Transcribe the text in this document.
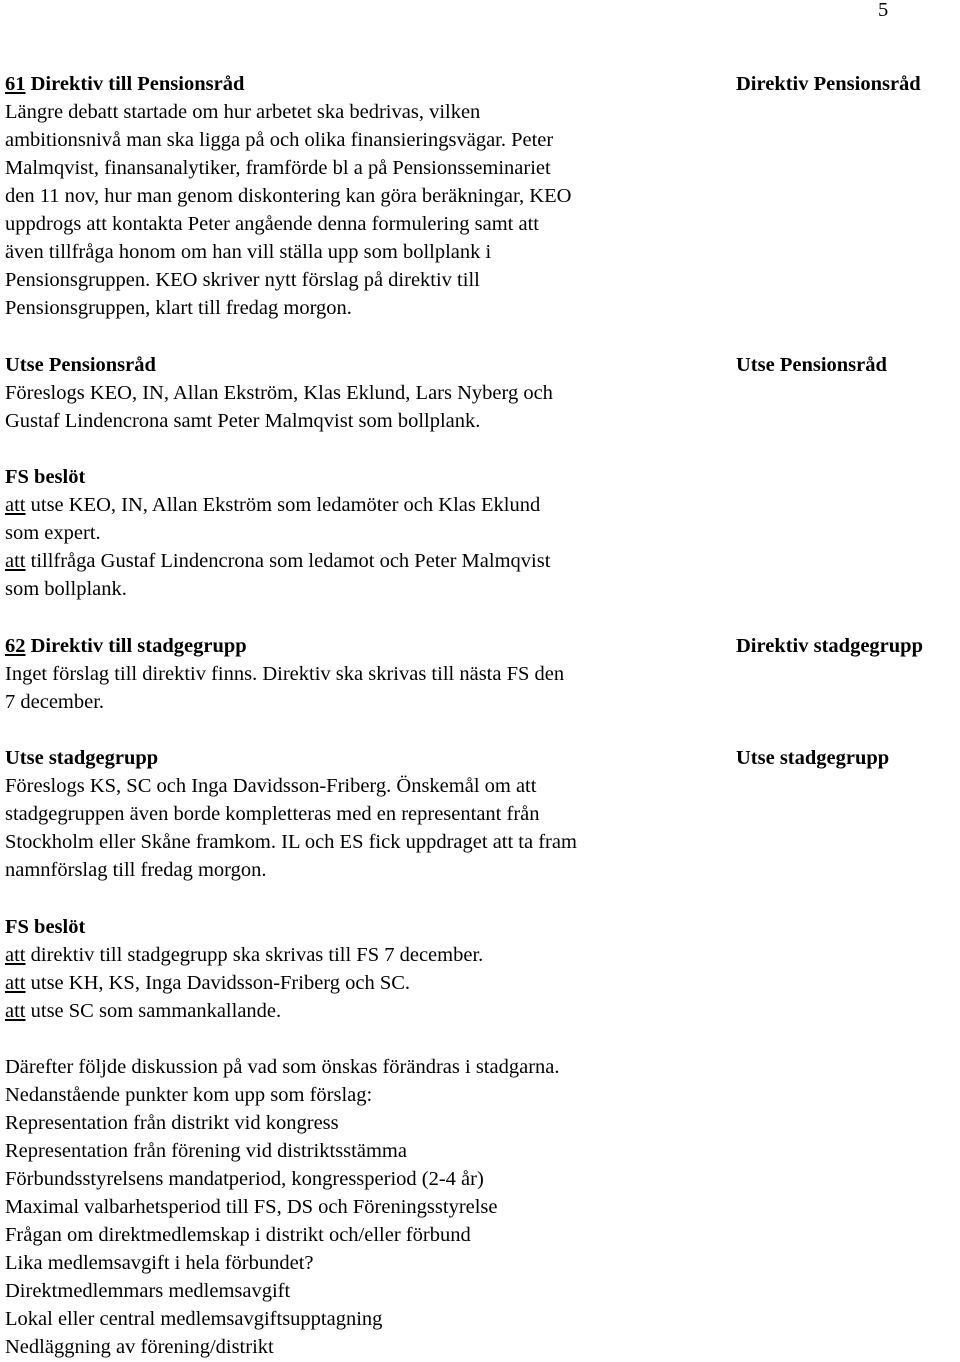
5
61 Direktiv till Pensionsråd
Längre debatt startade om hur arbetet ska bedrivas, vilken
ambitionsnivå man ska ligga på och olika finansieringsvägar. Peter
Malmqvist, finansanalytiker, framförde bl a på Pensionsseminariet
den 11 nov, hur man genom diskontering kan göra beräkningar, KEO
uppdrogs att kontakta Peter angående denna formulering samt att
även tillfråga honom om han vill ställa upp som bollplank i
Pensionsgruppen. KEO skriver nytt förslag på direktiv till
Pensionsgruppen, klart till fredag morgon.
Direktiv Pensionsråd
Utse Pensionsråd
Föreslogs KEO, IN, Allan Ekström, Klas Eklund, Lars Nyberg och
Gustaf Lindencrona samt Peter Malmqvist som bollplank.
Utse Pensionsråd
FS beslöt
att utse KEO, IN, Allan Ekström som ledamöter och Klas Eklund
som expert.
att tillfråga Gustaf Lindencrona som ledamot och Peter Malmqvist
som bollplank.
62 Direktiv till stadgegrupp
Inget förslag till direktiv finns. Direktiv ska skrivas till nästa FS den
7 december.
Direktiv stadgegrupp
Utse stadgegrupp
Föreslogs KS, SC och Inga Davidsson-Friberg. Önskemål om att
stadgegruppen även borde kompletteras med en representant från
Stockholm eller Skåne framkom. IL och ES fick uppdraget att ta fram
namnförslag till fredag morgon.
Utse stadgegrupp
FS beslöt
att direktiv till stadgegrupp ska skrivas till FS 7 december.
att utse KH, KS, Inga Davidsson-Friberg och SC.
att utse SC som sammankallande.
Därefter följde diskussion på vad som önskas förändras i stadgarna.
Nedanstående punkter kom upp som förslag:
Representation från distrikt vid kongress
Representation från förening vid distriktsstämma
Förbundsstyrelsens mandatperiod, kongressperiod (2-4 år)
Maximal valbarhetsperiod till FS, DS och Föreningsstyrelse
Frågan om direktmedlemskap i distrikt och/eller förbund
Lika medlemsavgift i hela förbundet?
Direktmedlemmars medlemsavgift
Lokal eller central medlemsavgiftsupptagning
Nedläggning av förening/distrikt
